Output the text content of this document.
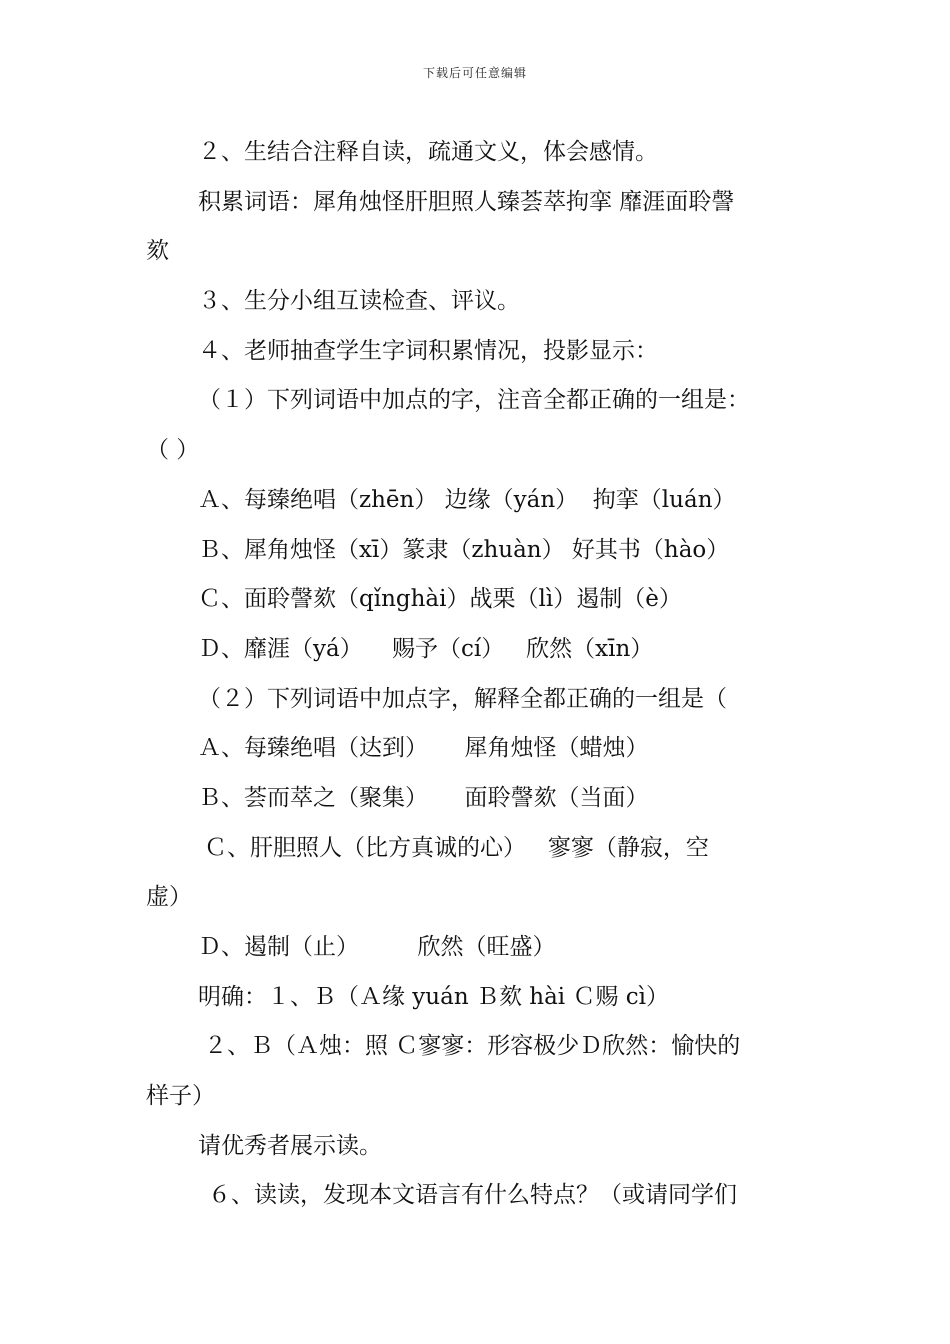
下载后可任意编辑
２、生结合注释自读，疏通文义，体会感情。
积累词语：犀角烛怪肝胆照人臻荟萃拘挛 靡涯面聆謦
欬
３、生分小组互读检查、评议。
４、老师抽查学生字词积累情况，投影显示：
（１）下列词语中加点的字，注音全都正确的一组是：
（ ）
Ａ、每臻绝唱（zhēn） 边缘（yán）  拘挛（luán）
Ｂ、犀角烛怪（xī）篆隶（zhuàn） 好其书（hào）
Ｃ、面聆謦欬（qǐnghài）战栗（lì）遏制（è）
Ｄ、靡涯（yá）    赐予（cí）   欣然（xīn）
（２）下列词语中加点字，解释全都正确的一组是（
Ａ、每臻绝唱（达到）     犀角烛怪（蜡烛）
Ｂ、荟而萃之（聚集）     面聆謦欬（当面）
Ｃ、肝胆照人（比方真诚的心）   寥寥（静寂，空
虚）
Ｄ、遏制（止）        欣然（旺盛）
明确：１、Ｂ（Ａ缘 yuán Ｂ欬 hài Ｃ赐 cì）
２、Ｂ（Ａ烛：照 Ｃ寥寥：形容极少Ｄ欣然：愉快的
样子）
请优秀者展示读。
６、读读，发现本文语言有什么特点？（或请同学们
